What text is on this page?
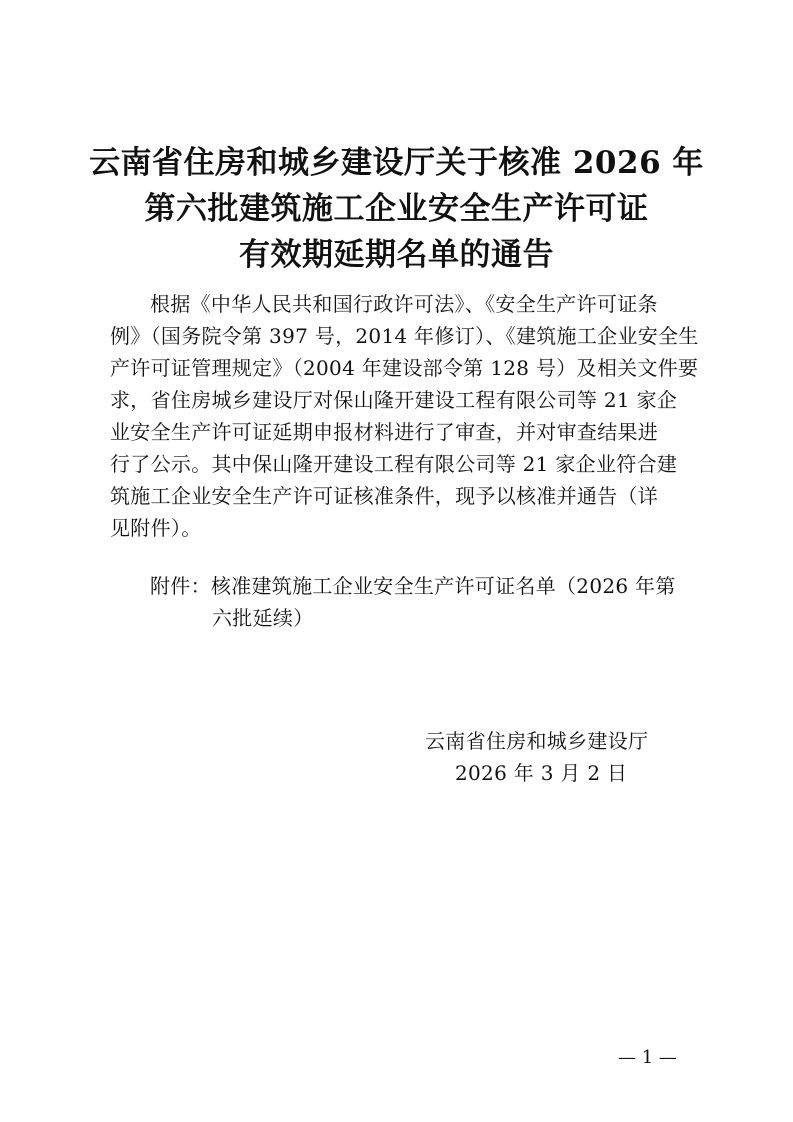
云南省住房和城乡建设厅关于核准 2026 年
第六批建筑施工企业安全生产许可证
有效期延期名单的通告
根据《中华人民共和国行政许可法》、《安全生产许可证条
例》（国务院令第 397 号，2014 年修订）、《建筑施工企业安全生
产许可证管理规定》（2004 年建设部令第 128 号）及相关文件要
求，省住房城乡建设厅对保山隆开建设工程有限公司等 21 家企
业安全生产许可证延期申报材料进行了审查，并对审查结果进
行了公示。其中保山隆开建设工程有限公司等 21 家企业符合建
筑施工企业安全生产许可证核准条件，现予以核准并通告（详
见附件）。
附件：核准建筑施工企业安全生产许可证名单（2026 年第
六批延续）
云南省住房和城乡建设厅
2026 年 3 月 2 日
— 1 —
